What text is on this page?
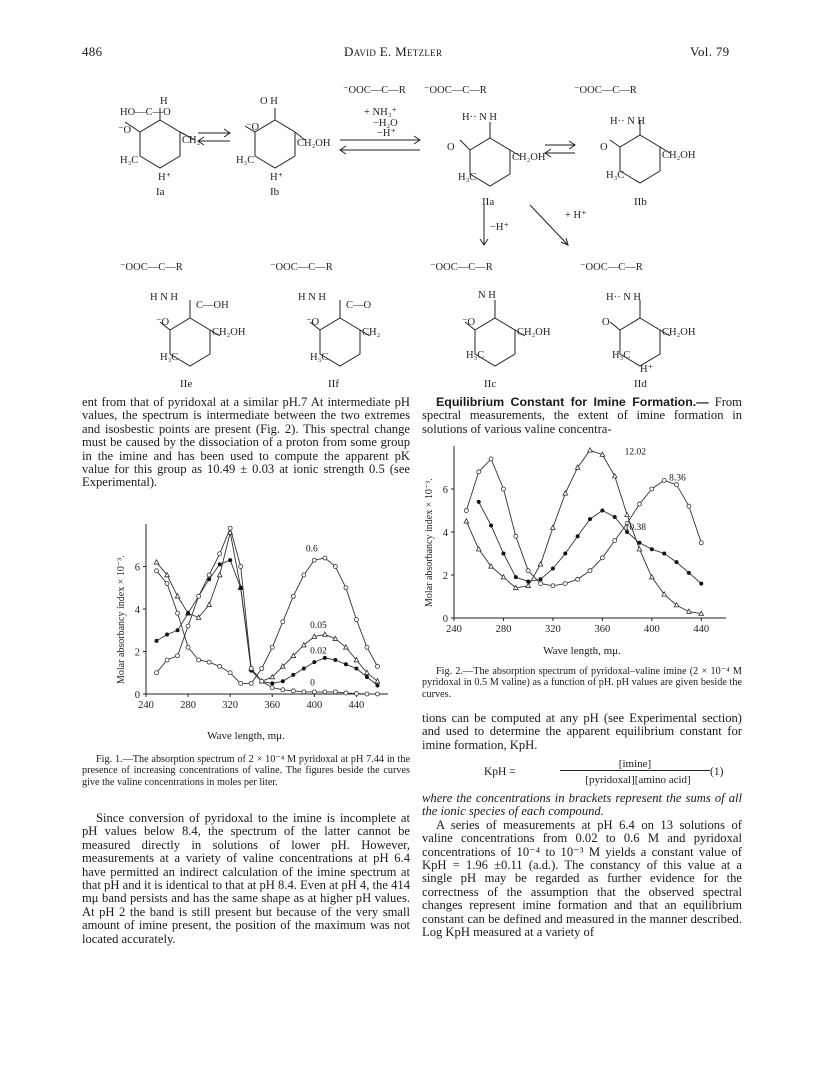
486	David E. Metzler	Vol. 79
H
HO—C—O
⁻O
CH₂
H₃C
H⁺
O H
⁻O
CH₂OH
H₃C
H⁺
⁻OOC—C—R
+ NH₃⁺
−H₂O
−H⁺
⁻OOC—C—R
H·· N H
O
CH₂OH
H₃C
⁻OOC—C—R
H·· N H
O
CH₂OH
H₃C
−H⁺
+ H⁺
⁻OOC—C—R
H N H
C—OH
⁻O
CH₂OH
H₃C
⁻OOC—C—R
H N H
C—O
⁻O
CH₂
H₃C
⁻OOC—C—R
N H
⁻O
CH₂OH
H₃C
⁻OOC—C—R
H·· N H
O
CH₂OH
H₃C
H⁺
Ia	Ib
IIa	IIb
IIe	IIf	IIc	IId

ent from that of pyridoxal at a similar pH.7 At intermediate pH values, the spectrum is intermediate between the two extremes and isosbestic points are present (Fig. 2). This spectral change must be caused by the dissociation of a proton from some group in the imine and has been used to compute the apparent pK value for this group as 10.49 ± 0.03 at ionic strength 0.5 (see Experimental).

Equilibrium Constant for Imine Formation.— From spectral measurements, the extent of imine formation in solutions of various valine concentra-

240	280	320	360	400	440
0
2
4
6
Molar absorbancy index × 10⁻³.
0.6
0.05
0.02
0
Wave length, mμ.
Fig. 1.—The absorption spectrum of 2 × 10⁻⁴ M pyridoxal at pH 7.44 in the presence of increasing concentrations of valine. The figures beside the curves give the valine concentrations in moles per liter.
240	280	320	360	400	440
0
2
4
6
Molar absorbancy index × 10⁻³.
12.02
8.36
10.38
Wave length, mμ.
Fig. 2.—The absorption spectrum of pyridoxal–valine imine (2 × 10⁻⁴ M pyridoxal in 0.5 M valine) as a function of pH. pH values are given beside the curves.

Since conversion of pyridoxal to the imine is incomplete at pH values below 8.4, the spectrum of the latter cannot be measured directly in solutions of lower pH. However, measurements at a variety of valine concentrations at pH 6.4 have permitted an indirect calculation of the imine spectrum at that pH and it is identical to that at pH 8.4. Even at pH 4, the 414 mμ band persists and has the same shape as at higher pH values. At pH 2 the band is still present but because of the very small amount of imine present, the position of the maximum was not located accurately.

tions can be computed at any pH (see Experimental section) and used to determine the apparent equilibrium constant for imine formation, KpH.

KpH =
[imine]
[pyridoxal][amino acid]
(1)

where the concentrations in brackets represent the sums of all the ionic species of each compound.

A series of measurements at pH 6.4 on 13 solutions of valine concentrations from 0.02 to 0.6 M and pyridoxal concentrations of 10⁻⁴ to 10⁻³ M yields a constant value of KpH = 1.96 ±0.11 (a.d.). The constancy of this value at a single pH may be regarded as further evidence for the correctness of the assumption that the observed spectral changes represent imine formation and that an equilibrium constant can be defined and measured in the manner described. Log KpH measured at a variety of
